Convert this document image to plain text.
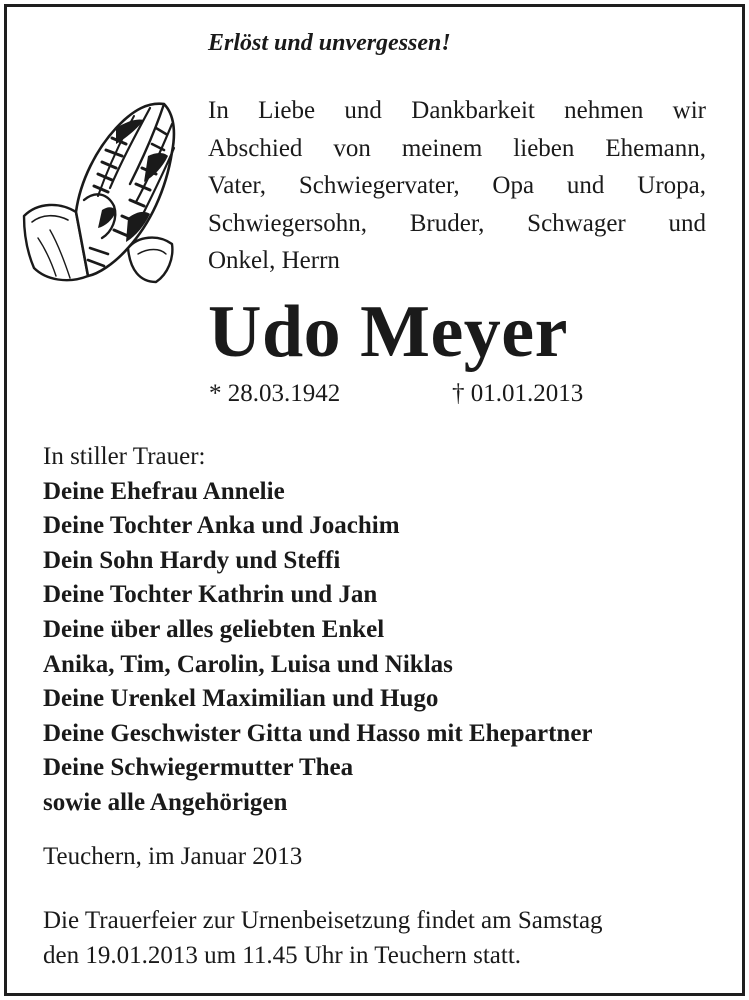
Erlöst und unvergessen!

In Liebe und Dankbarkeit nehmen wir
Abschied von meinem lieben Ehemann,
Vater, Schwiegervater, Opa und Uropa,
Schwiegersohn, Bruder, Schwager und
Onkel, Herrn

Udo Meyer
* 28.03.1942	† 01.01.2013
In stiller Trauer:
Deine Ehefrau Annelie
Deine Tochter Anka und Joachim
Dein Sohn Hardy und Steffi
Deine Tochter Kathrin und Jan
Deine über alles geliebten Enkel
Anika, Tim, Carolin, Luisa und Niklas
Deine Urenkel Maximilian und Hugo
Deine Geschwister Gitta und Hasso mit Ehepartner
Deine Schwiegermutter Thea
sowie alle Angehörigen

Teuchern, im Januar 2013

Die Trauerfeier zur Urnenbeisetzung findet am Samstag
den 19.01.2013 um 11.45 Uhr in Teuchern statt.
